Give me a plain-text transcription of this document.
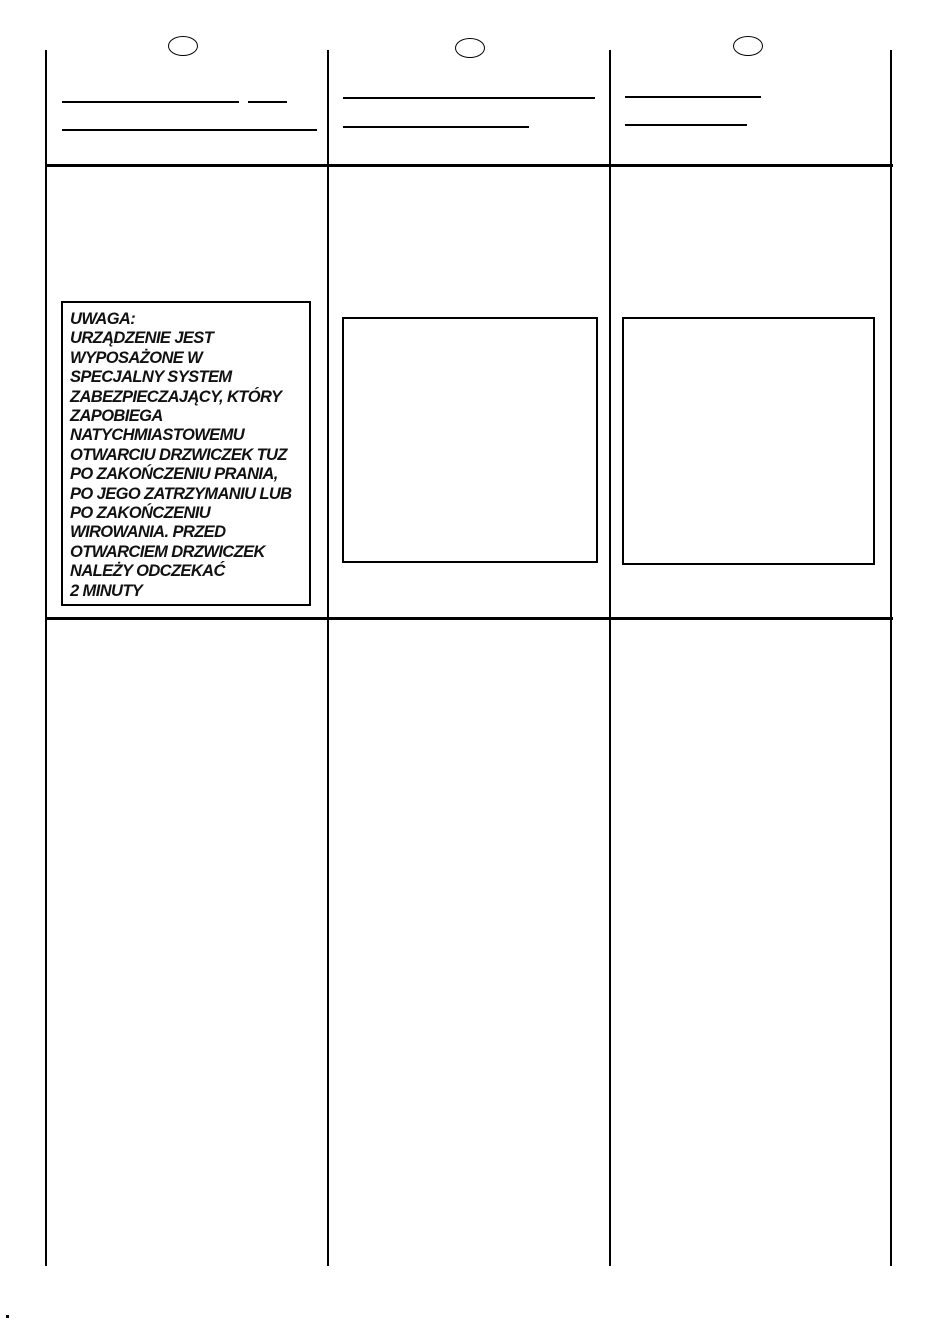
UWAGA:
URZĄDZENIE JEST
WYPOSAŻONE W
SPECJALNY SYSTEM
ZABEZPIECZAJĄCY, KTÓRY
ZAPOBIEGA
NATYCHMIASTOWEMU
OTWARCIU DRZWICZEK TUZ
PO ZAKOŃCZENIU PRANIA,
PO JEGO ZATRZYMANIU LUB
PO ZAKOŃCZENIU
WIROWANIA. PRZED
OTWARCIEM DRZWICZEK
NALEŻY ODCZEKAĆ
2 MINUTY
